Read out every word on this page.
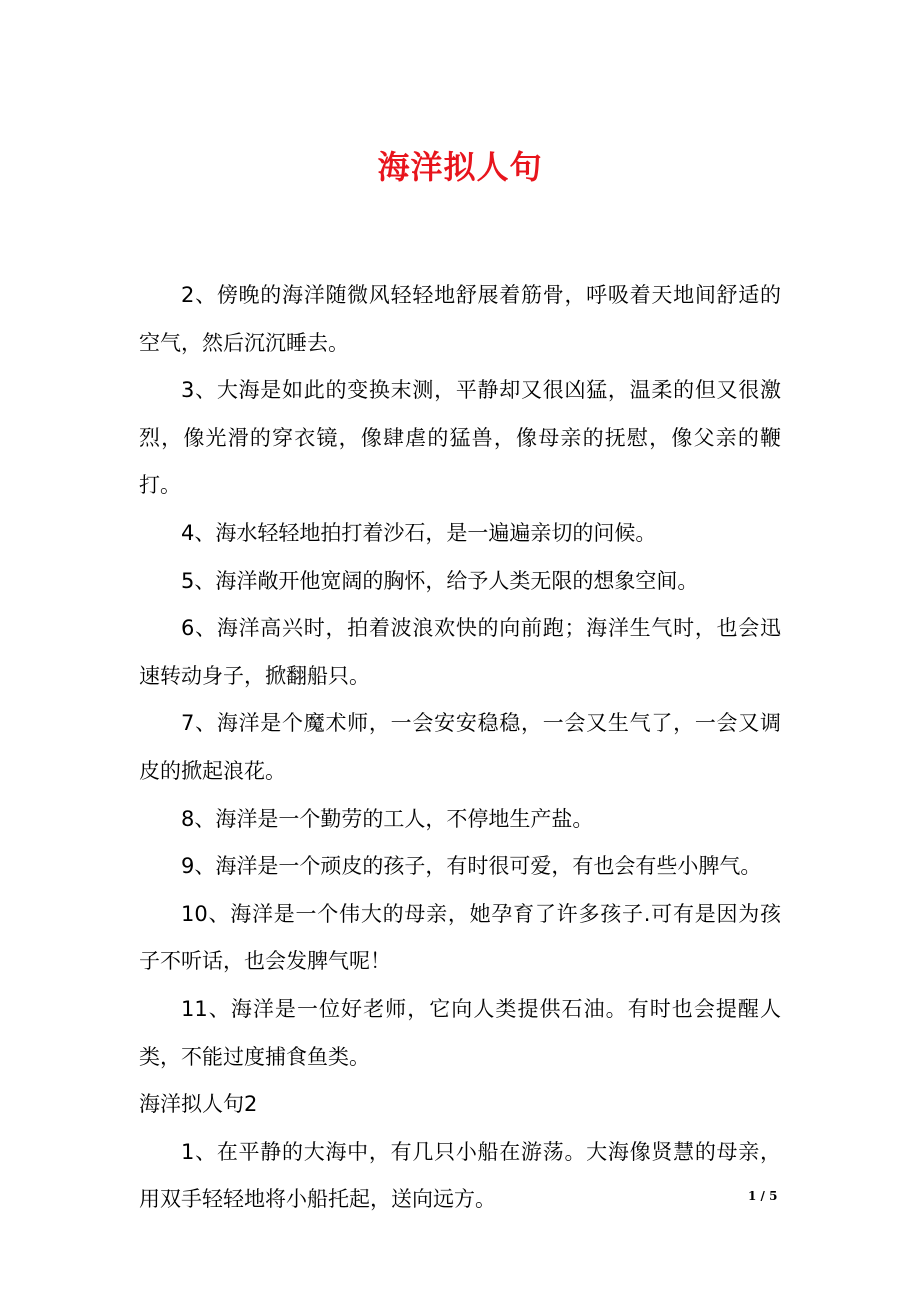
海洋拟人句

2、傍晚的海洋随微风轻轻地舒展着筋骨，呼吸着天地间舒适的空气，然后沉沉睡去。

3、大海是如此的变换末测，平静却又很凶猛，温柔的但又很激烈，像光滑的穿衣镜，像肆虐的猛兽，像母亲的抚慰，像父亲的鞭打。

4、海水轻轻地拍打着沙石，是一遍遍亲切的问候。

5、海洋敞开他宽阔的胸怀，给予人类无限的想象空间。

6、海洋高兴时，拍着波浪欢快的向前跑；海洋生气时，也会迅速转动身子，掀翻船只。

7、海洋是个魔术师，一会安安稳稳，一会又生气了，一会又调皮的掀起浪花。

8、海洋是一个勤劳的工人，不停地生产盐。

9、海洋是一个顽皮的孩子，有时很可爱，有也会有些小脾气。

10、海洋是一个伟大的母亲，她孕育了许多孩子.可有是因为孩子不听话，也会发脾气呢！

11、海洋是一位好老师，它向人类提供石油。有时也会提醒人类，不能过度捕食鱼类。

海洋拟人句2

1、在平静的大海中，有几只小船在游荡。大海像贤慧的母亲，用双手轻轻地将小船托起，送向远方。	1 / 5
